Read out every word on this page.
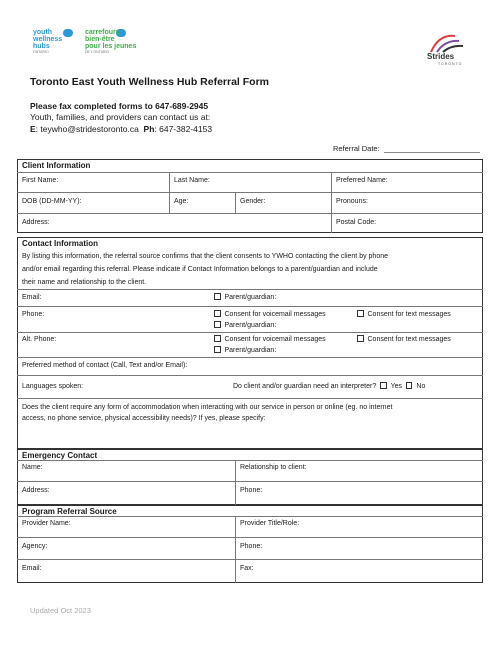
youth
wellness
hubs
ONTARIO
carrefours
bien-être
pour les jeunes
DE L'ONTARIO	Strides
TORONTO
Toronto East Youth Wellness Hub Referral Form
Please fax completed forms to 647-689-2945
Youth, families, and providers can contact us at:
E: teywho@stridestoronto.ca Ph: 647-382-4153
Referral Date:
Client Information
First Name:	Last Name:	Preferred Name:
DOB (DD-MM-YY):	Age:	Gender:	Pronouns:
Address:	Postal Code:
Contact Information
By listing this information, the referral source confirms that the client consents to YWHO contacting the client by phone
and/or email regarding this referral. Please indicate if Contact Information belongs to a parent/guardian and include
their name and relationship to the client.
Email:	Parent/guardian:
Phone:	Consent for voicemail messages	Consent for text messages
Parent/guardian:
Alt. Phone:	Consent for voicemail messages	Consent for text messages
Parent/guardian:
Preferred method of contact (Call, Text and/or Email):
Languages spoken:	Do client and/or guardian need an interpreter? Yes No
Does the client require any form of accommodation when interacting with our service in person or online (eg. no internet
access, no phone service, physical accessibility needs)? If yes, please specify:
Emergency Contact
Name:	Relationship to client:
Address:	Phone:
Program Referral Source
Provider Name:	Provider Title/Role:
Agency:	Phone:
Email:	Fax:
Updated Oct 2023
